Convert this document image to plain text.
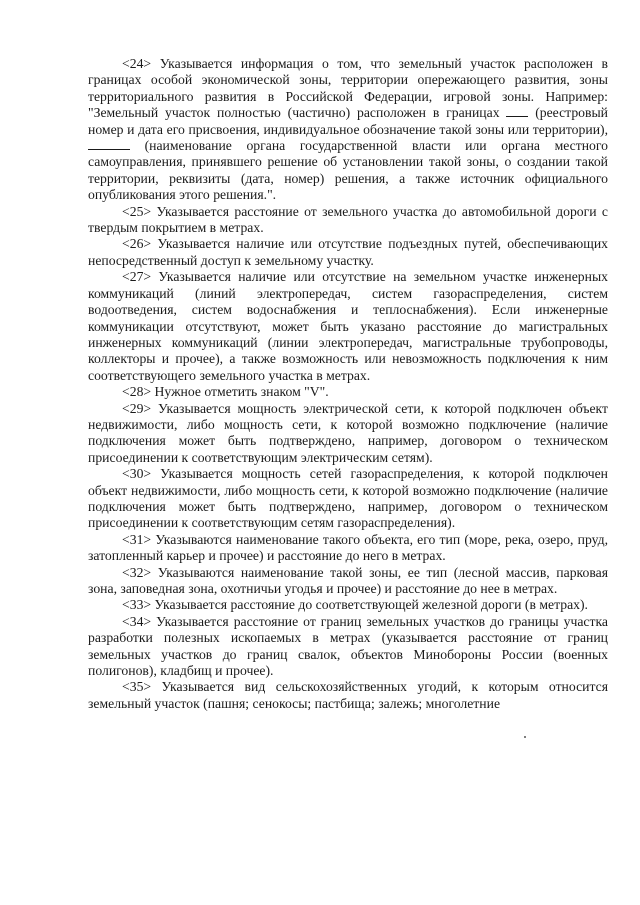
<24> Указывается информация о том, что земельный участок расположен в границах особой экономической зоны, территории опережающего развития, зоны территориального развития в Российской Федерации, игровой зоны. Например: "Земельный участок полностью (частично) расположен в границах  (реестровый номер и дата его присвоения, индивидуальное обозначение такой зоны или территории),  (наименование органа государственной власти или органа местного самоуправления, принявшего решение об установлении такой зоны, о создании такой территории, реквизиты (дата, номер) решения, а также источник официального опубликования этого решения.".

<25> Указывается расстояние от земельного участка до автомобильной дороги с твердым покрытием в метрах.

<26> Указывается наличие или отсутствие подъездных путей, обеспечивающих непосредственный доступ к земельному участку.

<27> Указывается наличие или отсутствие на земельном участке инженерных коммуникаций (линий электропередач, систем газораспределения, систем водоотведения, систем водоснабжения и теплоснабжения). Если инженерные коммуникации отсутствуют, может быть указано расстояние до магистральных инженерных коммуникаций (линии электропередач, магистральные трубопроводы, коллекторы и прочее), а также возможность или невозможность подключения к ним соответствующего земельного участка в метрах.

<28> Нужное отметить знаком "V".

<29> Указывается мощность электрической сети, к которой подключен объект недвижимости, либо мощность сети, к которой возможно подключение (наличие подключения может быть подтверждено, например, договором о техническом присоединении к соответствующим электрическим сетям).

<30> Указывается мощность сетей газораспределения, к которой подключен объект недвижимости, либо мощность сети, к которой возможно подключение (наличие подключения может быть подтверждено, например, договором о техническом присоединении к соответствующим сетям газораспределения).

<31> Указываются наименование такого объекта, его тип (море, река, озеро, пруд, затопленный карьер и прочее) и расстояние до него в метрах.

<32> Указываются наименование такой зоны, ее тип (лесной массив, парковая зона, заповедная зона, охотничьи угодья и прочее) и расстояние до нее в метрах.

<33> Указывается расстояние до соответствующей железной дороги (в метрах).

<34> Указывается расстояние от границ земельных участков до границы участка разработки полезных ископаемых в метрах (указывается расстояние от границ земельных участков до границ свалок, объектов Минобороны России (военных полигонов), кладбищ и прочее).

<35> Указывается вид сельскохозяйственных угодий, к которым относится земельный участок (пашня; сенокосы; пастбища; залежь; многолетние
